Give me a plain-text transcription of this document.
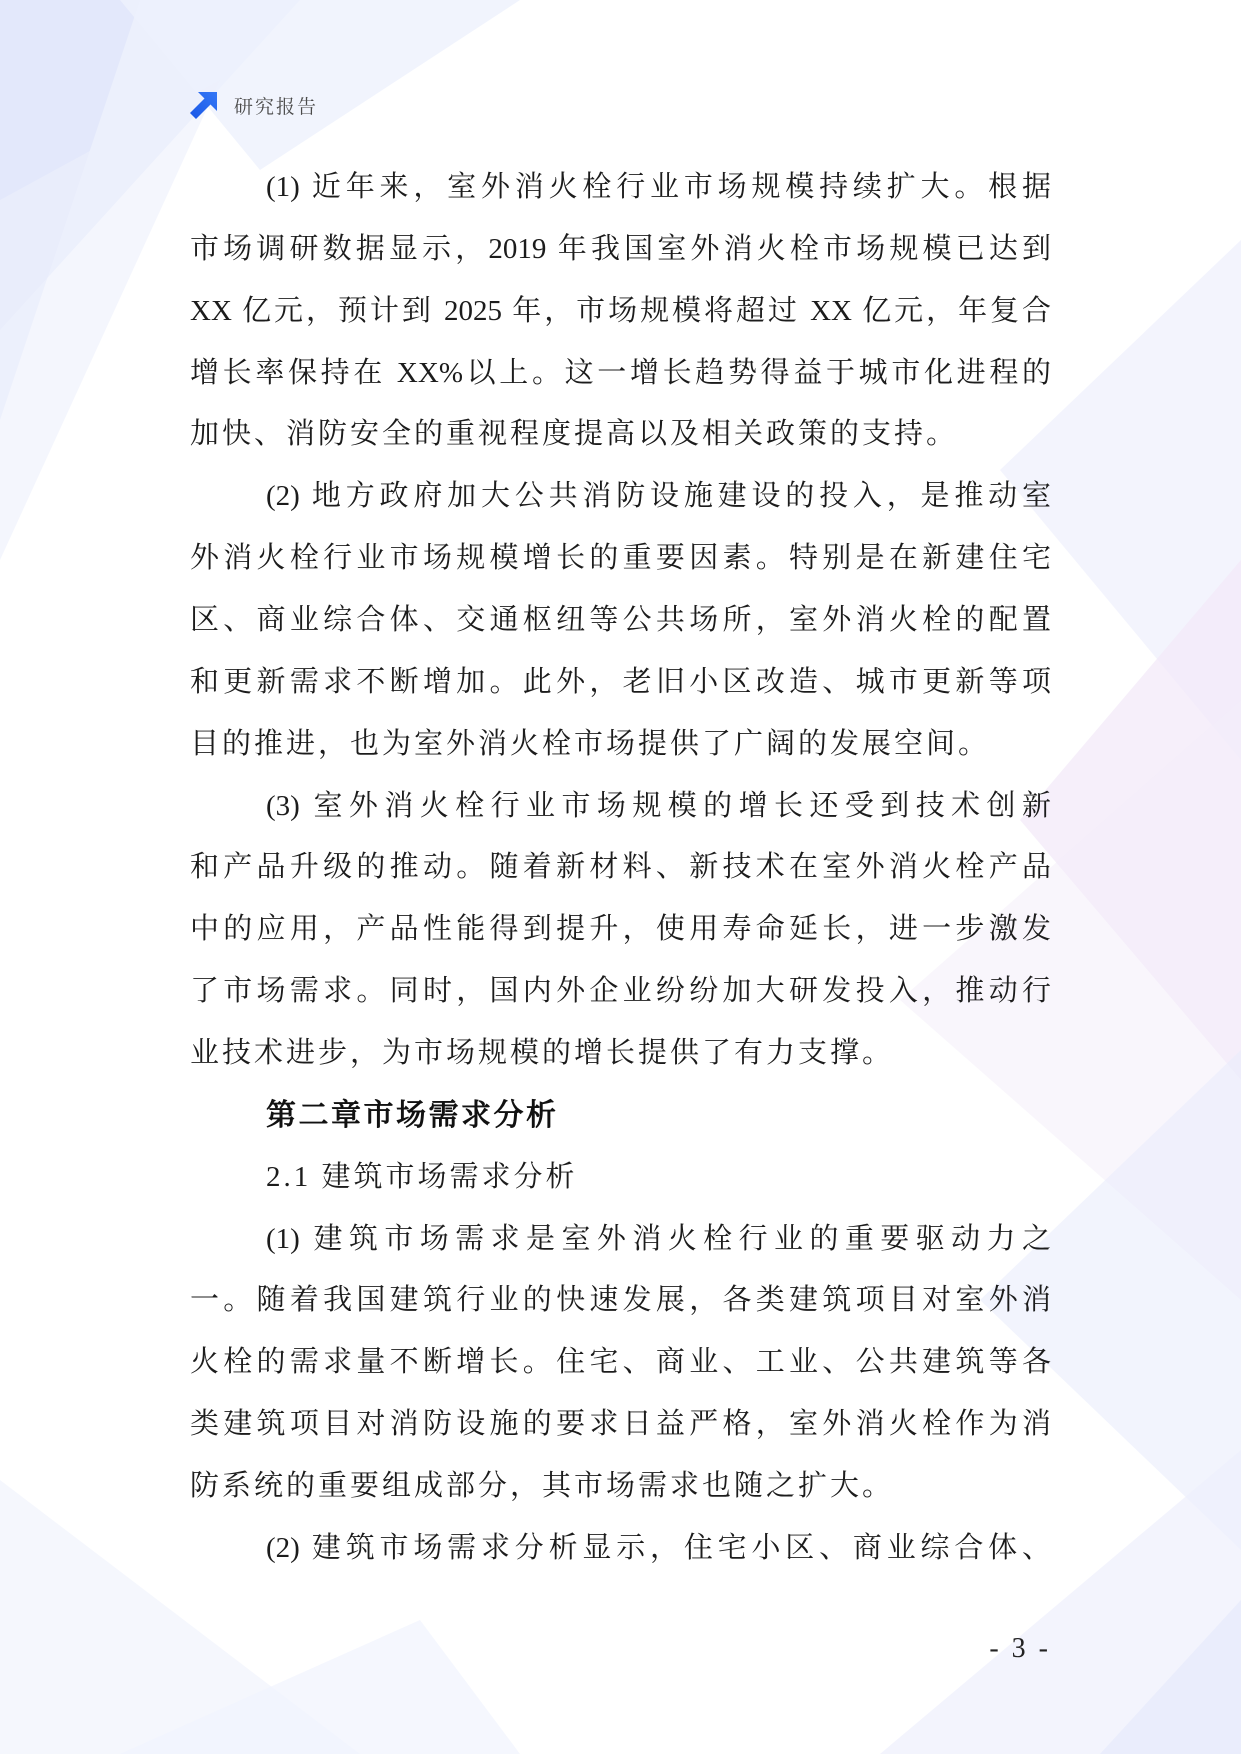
研究报告
(1) 近年来，室外消火栓行业市场规模持续扩大。根据
市场调研数据显示，2019 年我国室外消火栓市场规模已达到
XX 亿元，预计到 2025 年，市场规模将超过 XX 亿元，年复合
增长率保持在 XX%以上。这一增长趋势得益于城市化进程的
加快、消防安全的重视程度提高以及相关政策的支持。
(2) 地方政府加大公共消防设施建设的投入，是推动室
外消火栓行业市场规模增长的重要因素。特别是在新建住宅
区、商业综合体、交通枢纽等公共场所，室外消火栓的配置
和更新需求不断增加。此外，老旧小区改造、城市更新等项
目的推进，也为室外消火栓市场提供了广阔的发展空间。
(3) 室外消火栓行业市场规模的增长还受到技术创新
和产品升级的推动。随着新材料、新技术在室外消火栓产品
中的应用，产品性能得到提升，使用寿命延长，进一步激发
了市场需求。同时，国内外企业纷纷加大研发投入，推动行
业技术进步，为市场规模的增长提供了有力支撑。
第二章市场需求分析
2.1 建筑市场需求分析
(1) 建筑市场需求是室外消火栓行业的重要驱动力之
一。随着我国建筑行业的快速发展，各类建筑项目对室外消
火栓的需求量不断增长。住宅、商业、工业、公共建筑等各
类建筑项目对消防设施的要求日益严格，室外消火栓作为消
防系统的重要组成部分，其市场需求也随之扩大。
(2) 建筑市场需求分析显示，住宅小区、商业综合体、
- 3 -
